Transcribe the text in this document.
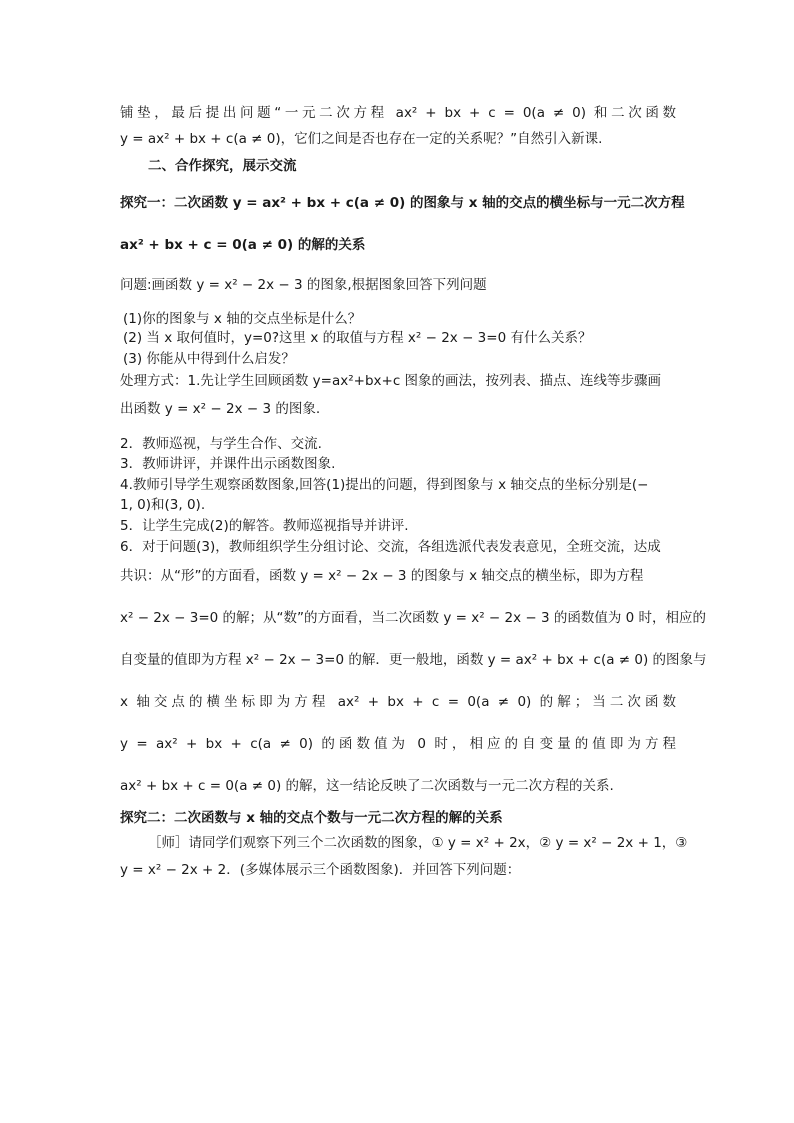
铺垫，最后提出问题“一元二次方程 ax² + bx + c = 0(a ≠ 0) 和二次函数
y = ax² + bx + c(a ≠ 0)，它们之间是否也存在一定的关系呢？”自然引入新课.
二、合作探究，展示交流
探究一：二次函数 y = ax² + bx + c(a ≠ 0) 的图象与 x 轴的交点的横坐标与一元二次方程
ax² + bx + c = 0(a ≠ 0) 的解的关系
问题:画函数 y = x² − 2x − 3 的图象,根据图象回答下列问题
(1)你的图象与 x 轴的交点坐标是什么？
(2) 当 x 取何值时，y=0?这里 x 的取值与方程 x² − 2x − 3=0 有什么关系？
(3) 你能从中得到什么启发？
处理方式：1.先让学生回顾函数 y=ax²+bx+c 图象的画法，按列表、描点、连线等步骤画
出函数 y = x² − 2x − 3 的图象.
2．教师巡视，与学生合作、交流.
3．教师讲评，并课件出示函数图象.
4.教师引导学生观察函数图象,回答(1)提出的问题，得到图象与 x 轴交点的坐标分别是(−
1, 0)和(3, 0).
5．让学生完成(2)的解答。教师巡视指导并讲评.
6．对于问题(3)，教师组织学生分组讨论、交流，各组选派代表发表意见，全班交流，达成
共识：从“形”的方面看，函数 y = x² − 2x − 3 的图象与 x 轴交点的横坐标，即为方程
x² − 2x − 3=0 的解；从“数”的方面看，当二次函数 y = x² − 2x − 3 的函数值为 0 时，相应的
自变量的值即为方程 x² − 2x − 3=0 的解．更一般地，函数 y = ax² + bx + c(a ≠ 0) 的图象与
x 轴交点的横坐标即为方程 ax² + bx + c = 0(a ≠ 0) 的解；当二次函数
y = ax² + bx + c(a ≠ 0) 的函数值为 0 时，相应的自变量的值即为方程
ax² + bx + c = 0(a ≠ 0) 的解，这一结论反映了二次函数与一元二次方程的关系.
探究二：二次函数与 x 轴的交点个数与一元二次方程的解的关系
［师］请同学们观察下列三个二次函数的图象，① y = x² + 2x，② y = x² − 2x + 1，③
y = x² − 2x + 2．(多媒体展示三个函数图象)．并回答下列问题：
